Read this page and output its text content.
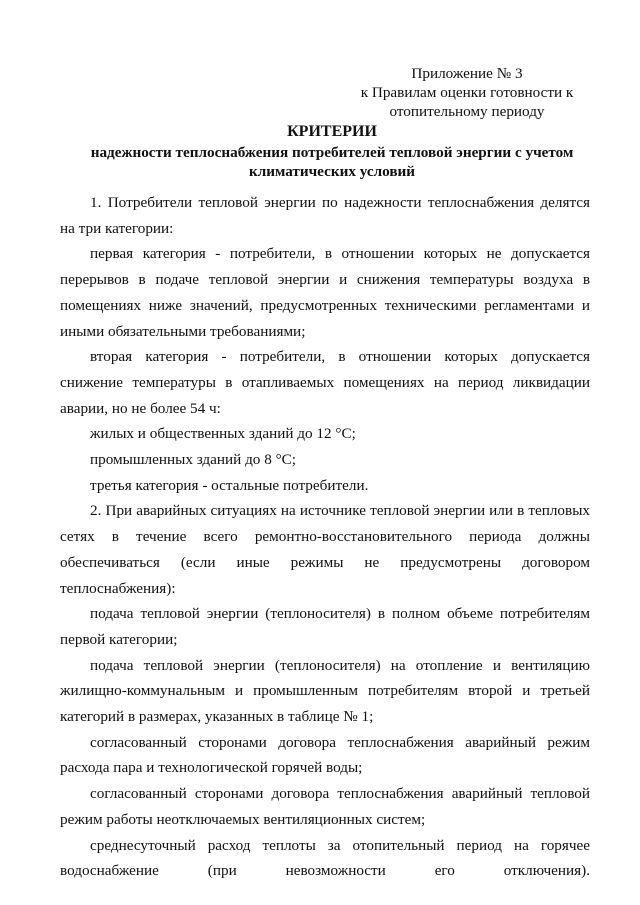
Приложение № 3
к Правилам оценки готовности к
отопительному периоду
КРИТЕРИИ
надежности теплоснабжения потребителей тепловой энергии с учетом климатических условий

1. Потребители тепловой энергии по надежности теплоснабжения делятся на три категории:

первая категория - потребители, в отношении которых не допускается перерывов в подаче тепловой энергии и снижения температуры воздуха в помещениях ниже значений, предусмотренных техническими регламентами и иными обязательными требованиями;

вторая категория - потребители, в отношении которых допускается снижение температуры в отапливаемых помещениях на период ликвидации аварии, но не более 54 ч:

жилых и общественных зданий до 12 °С;

промышленных зданий до 8 °С;

третья категория - остальные потребители.

2. При аварийных ситуациях на источнике тепловой энергии или в тепловых сетях в течение всего ремонтно-восстановительного периода должны обеспечиваться (если иные режимы не предусмотрены договором теплоснабжения):

подача тепловой энергии (теплоносителя) в полном объеме потребителям первой категории;

подача тепловой энергии (теплоносителя) на отопление и вентиляцию жилищно-коммунальным и промышленным потребителям второй и третьей категорий в размерах, указанных в таблице № 1;

согласованный сторонами договора теплоснабжения аварийный режим расхода пара и технологической горячей воды;

согласованный сторонами договора теплоснабжения аварийный тепловой режим работы неотключаемых вентиляционных систем;

среднесуточный расход теплоты за отопительный период на горячее водоснабжение (при невозможности его отключения).
